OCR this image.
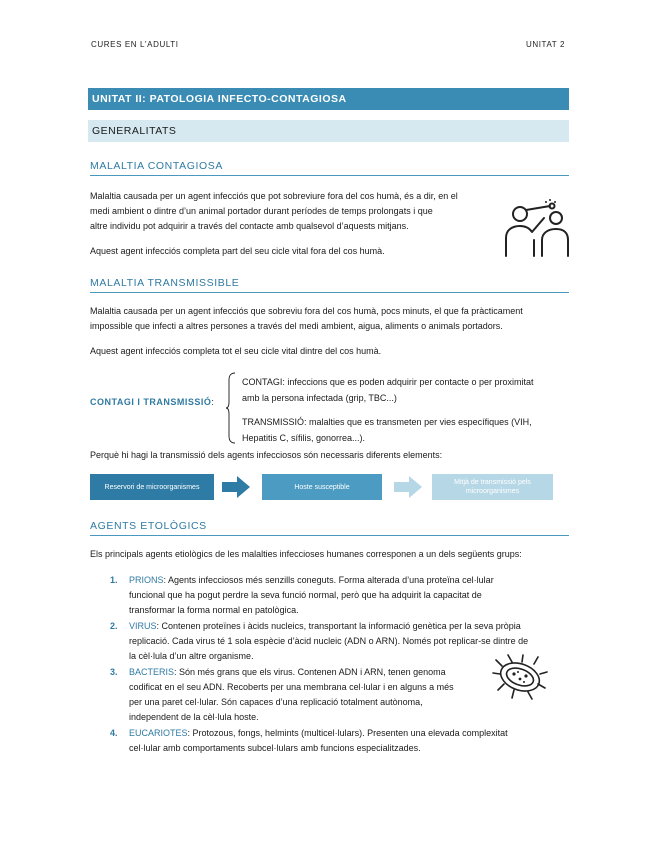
CURES EN L'ADULTI	UNITAT 2
UNITAT II: PATOLOGIA INFECTO-CONTAGIOSA
GENERALITATS
MALALTIA CONTAGIOSA
Malaltia causada per un agent infecciós que pot sobreviure fora del cos humà, és a dir, en el
medi ambient o dintre d’un animal portador durant períodes de temps prolongats i que
altre individu pot adquirir a través del contacte amb qualsevol d’aquests mitjans.
Aquest agent infecciós completa part del seu cicle vital fora del cos humà.
MALALTIA TRANSMISSIBLE
Malaltia causada per un agent infecciós que sobreviu fora del cos humà, pocs minuts, el que fa pràcticament
impossible que infecti a altres persones a través del medi ambient, aigua, aliments o animals portadors.
Aquest agent infecciós completa tot el seu cicle vital dintre del cos humà.
CONTAGI I TRANSMISSIÓ:
CONTAGI: infeccions que es poden adquirir per contacte o per proximitat
amb la persona infectada (grip, TBC...)
TRANSMISSIÓ: malalties que es transmeten per vies específiques (VIH,
Hepatitis C, sífilis, gonorrea...).
Perquè hi hagi la transmissió dels agents infecciosos són necessaris diferents elements:
Reservori de microorganismes	Hoste susceptible
Mitjà de transmissió pels
microorganismes
AGENTS ETOLÒGICS
Els principals agents etiològics de les malalties infeccioses humanes corresponen a un dels següents grups:
1. PRIONS: Agents infecciosos més senzills coneguts. Forma alterada d’una proteïna cel·lular
funcional que ha pogut perdre la seva funció normal, però que ha adquirit la capacitat de
transformar la forma normal en patològica.
2. VIRUS: Contenen proteïnes i àcids nucleics, transportant la informació genètica per la seva pròpia
replicació. Cada virus té 1 sola espècie d’àcid nucleic (ADN o ARN). Només pot replicar-se dintre de
la cèl·lula d’un altre organisme.
3. BACTERIS: Són més grans que els virus. Contenen ADN i ARN, tenen genoma
codificat en el seu ADN. Recoberts per una membrana cel·lular i en alguns a més
per una paret cel·lular. Són capaces d’una replicació totalment autònoma,
independent de la cèl·lula hoste.
4. EUCARIOTES: Protozous, fongs, helmints (multicel·lulars). Presenten una elevada complexitat
cel·lular amb comportaments subcel·lulars amb funcions especialitzades.
